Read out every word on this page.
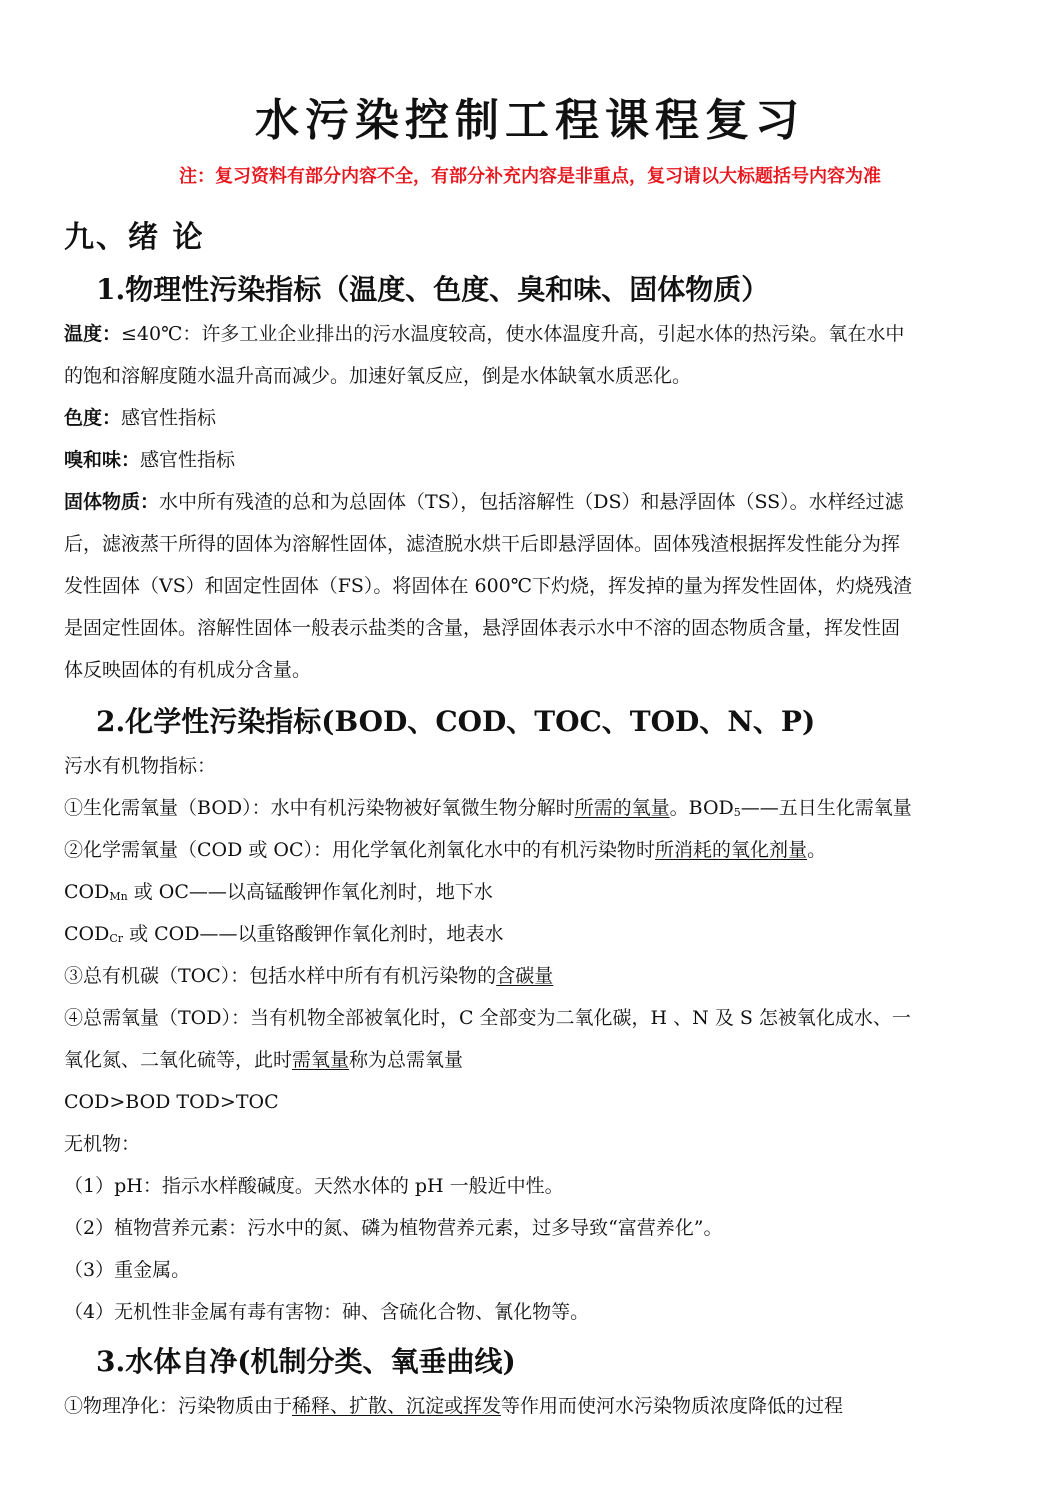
水污染控制工程课程复习
注：复习资料有部分内容不全，有部分补充内容是非重点，复习请以大标题括号内容为准
九、绪 论
1.物理性污染指标（温度、色度、臭和味、固体物质）
温度：≤40℃：许多工业企业排出的污水温度较高，使水体温度升高，引起水体的热污染。氧在水中
的饱和溶解度随水温升高而减少。加速好氧反应，倒是水体缺氧水质恶化。
色度：感官性指标
嗅和味：感官性指标
固体物质：水中所有残渣的总和为总固体（TS），包括溶解性（DS）和悬浮固体（SS）。水样经过滤
后，滤液蒸干所得的固体为溶解性固体，滤渣脱水烘干后即悬浮固体。固体残渣根据挥发性能分为挥
发性固体（VS）和固定性固体（FS）。将固体在 600℃下灼烧，挥发掉的量为挥发性固体，灼烧残渣
是固定性固体。溶解性固体一般表示盐类的含量，悬浮固体表示水中不溶的固态物质含量，挥发性固
体反映固体的有机成分含量。
2.化学性污染指标(BOD、COD、TOC、TOD、N、P)
污水有机物指标：
①生化需氧量（BOD）：水中有机污染物被好氧微生物分解时所需的氧量。$BOD_5——$五日生化需氧量
②化学需氧量（COD 或 OC）：用化学氧化剂氧化水中的有机污染物时所消耗的氧化剂量。
$COD_{Mn}$ 或 OC——以高锰酸钾作氧化剂时，地下水
$COD_{Cr}$ 或 COD——以重铬酸钾作氧化剂时，地表水
③总有机碳（TOC）：包括水样中所有有机污染物的含碳量
④总需氧量（TOD）：当有机物全部被氧化时，C 全部变为二氧化碳，H 、N 及 S 怎被氧化成水、一
氧化氮、二氧化硫等，此时需氧量称为总需氧量
COD>BOD TOD>TOC
无机物：
（1）pH：指示水样酸碱度。天然水体的 pH 一般近中性。
（2）植物营养元素：污水中的氮、磷为植物营养元素，过多导致“富营养化”。
（3）重金属。
（4）无机性非金属有毒有害物：砷、含硫化合物、氰化物等。
3.水体自净(机制分类、氧垂曲线)
①物理净化：污染物质由于稀释、扩散、沉淀或挥发等作用而使河水污染物质浓度降低的过程
